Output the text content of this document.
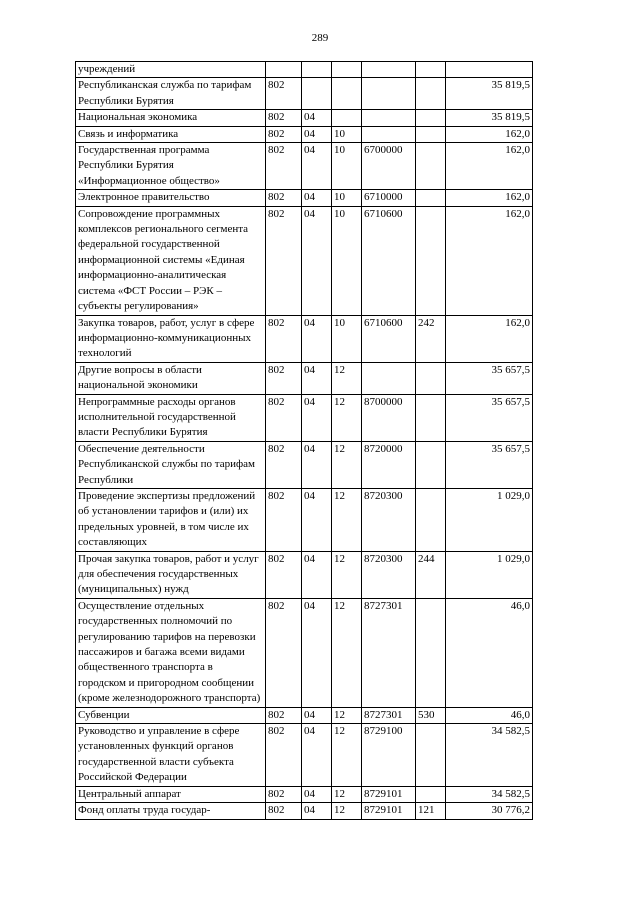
289
учреждений						
Республиканская служба по тарифам Республики Бурятия	802					35 819,5
Национальная экономика	802	04				35 819,5
Связь и информатика	802	04	10			162,0
Государственная программа Республики Бурятия «Информационное общество»	802	04	10	6700000		162,0
Электронное правительство	802	04	10	6710000		162,0
Сопровождение программных комплексов регионального сегмента федеральной государственной информационной системы «Единая информационно-аналитическая система «ФСТ России – РЭК – субъекты регулирования»	802	04	10	6710600		162,0
Закупка товаров, работ, услуг в сфере информационно-коммуникационных технологий	802	04	10	6710600	242	162,0
Другие вопросы в области национальной экономики	802	04	12			35 657,5
Непрограммные расходы органов исполнительной государственной власти Республики Бурятия	802	04	12	8700000		35 657,5
Обеспечение деятельности Республиканской службы по тарифам Республики	802	04	12	8720000		35 657,5
Проведение экспертизы предложений об установлении тарифов и (или) их предельных уровней, в том числе их составляющих	802	04	12	8720300		1 029,0
Прочая закупка товаров, работ и услуг для обеспечения государственных (муниципальных) нужд	802	04	12	8720300	244	1 029,0
Осуществление отдельных государственных полномочий по регулированию тарифов на перевозки пассажиров и багажа всеми видами общественного транспорта в городском и пригородном сообщении (кроме железнодорожного транспорта)	802	04	12	8727301		46,0
Субвенции	802	04	12	8727301	530	46,0
Руководство и управление в сфере установленных функций органов государственной власти субъекта Российской Федерации	802	04	12	8729100		34 582,5
Центральный аппарат	802	04	12	8729101		34 582,5
Фонд оплаты труда государ-	802	04	12	8729101	121	30 776,2
